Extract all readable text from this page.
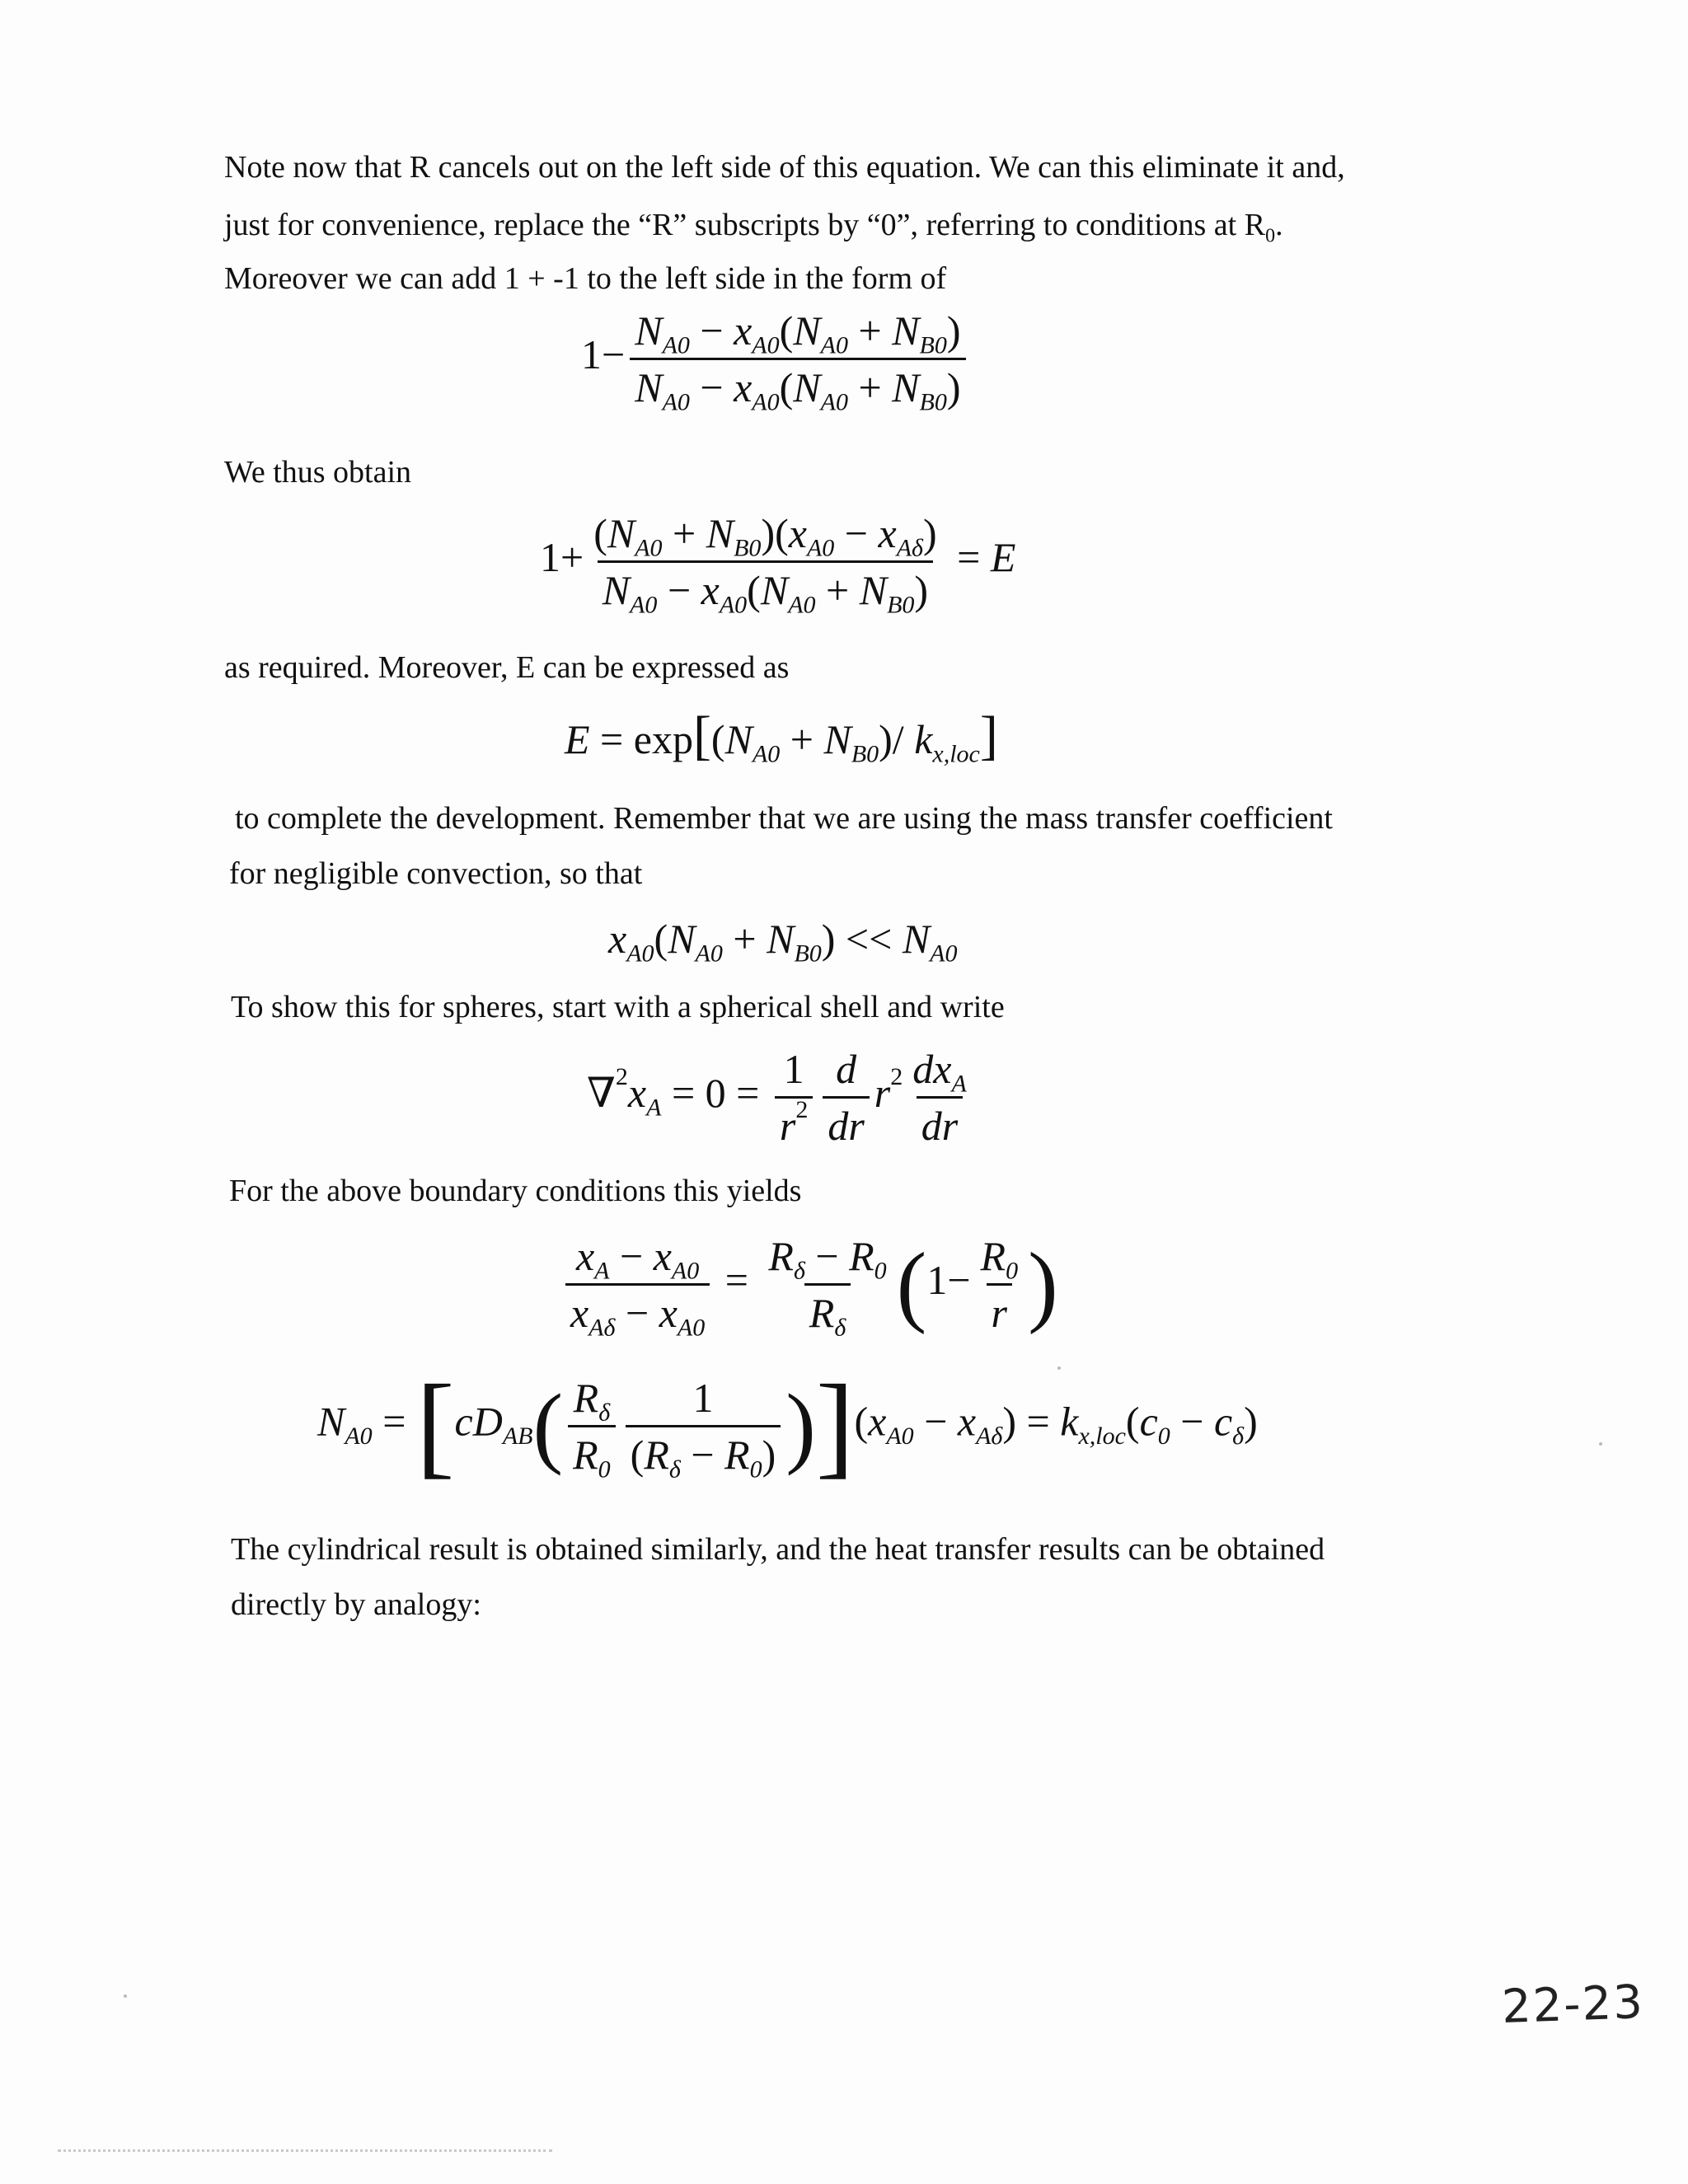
Note now that R cancels out on the left side of this equation. We can this eliminate it and,
just for convenience, replace the “R” subscripts by “0”, referring to conditions at $R_0$.
Moreover we can add 1 + -1 to the left side in the form of
$1- \frac{N_{A0} - x_{A0}(N_{A0} + N_{B0})}{N_{A0} - x_{A0}(N_{A0} + N_{B0})}$
We thus obtain
$1+ \frac{(N_{A0} + N_{B0})(x_{A0} - x_{A\delta})}{N_{A0} - x_{A0}(N_{A0} + N_{B0})} = E$
as required. Moreover, E can be expressed as
$E = \exp[(N_{A0} + N_{B0})/$ $k_{x,loc}$]
to complete the development. Remember that we are using the mass transfer coefficient
for negligible convection, so that
$x_{A0}(N_{A0} + N_{B0}) << N_{A0}$
To show this for spheres, start with a spherical shell and write
$\nabla^2x_A = 0 = \frac{1}{r^2} \frac{d}{dr} r^2 \frac{dx_A}{dr}$
For the above boundary conditions this yields
$\frac{x_A - x_{A0}}{x_{A\delta} - x_{A0}} = \frac{R_\delta - R_0}{R_\delta} (1- \frac{R_0}{r}$ )
$N_{A0} = [cD_{AB}( \frac{R_\delta}{R_0} \frac{1}{(R_\delta - R_0)} )](x_{A0} - x_{A\delta}) = k_{x,loc}(c_0 - c_\delta)$
The cylindrical result is obtained similarly, and the heat transfer results can be obtained
directly by analogy:
22-23
